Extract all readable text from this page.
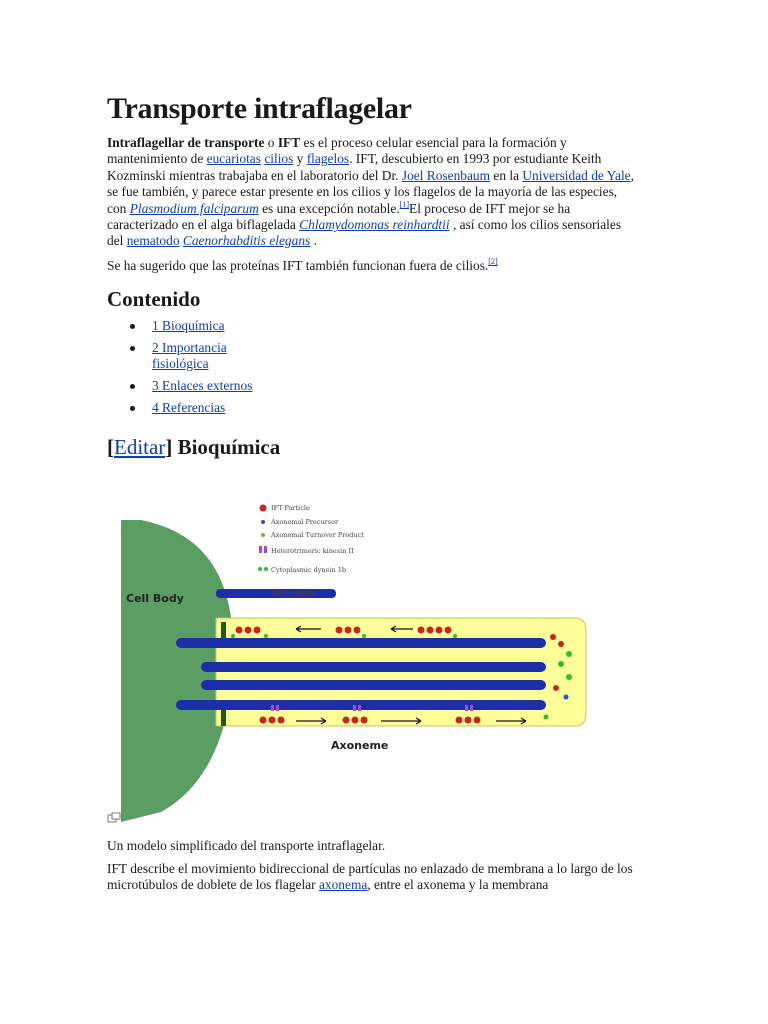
Transporte intraflagelar
Intraflagellar de transporte o IFT es el proceso celular esencial para la formación y mantenimiento de eucariotas cilios y flagelos. IFT, descubierto en 1993 por estudiante Keith Kozminski mientras trabajaba en el laboratorio del Dr. Joel Rosenbaum en la Universidad de Yale, se fue también, y parece estar presente en los cilios y los flagelos de la mayoría de las especies, con Plasmodium falciparum es una excepción notable.[1]El proceso de IFT mejor se ha caracterizado en el alga biflagelada Chlamydomonas reinhardtii , así como los cilios sensoriales del nematodo Caenorhabditis elegans .
Se ha sugerido que las proteínas IFT también funcionan fuera de cilios.[2]
Contenido
1 Bioquímica
2 Importancia fisiológica
3 Enlaces externos
4 Referencias
[Editar] Bioquímica
IFT Particle
Axonemal Precursor
Axonemal Turnover Product
Heterotrimeric kinesin II
Cytoplasmic dynein 1b
Microtubules
Cell Body
Axoneme
Un modelo simplificado del transporte intraflagelar.
IFT describe el movimiento bidireccional de partículas no enlazado de membrana a lo largo de los microtúbulos de doblete de los flagelar axonema, entre el axonema y la membrana
